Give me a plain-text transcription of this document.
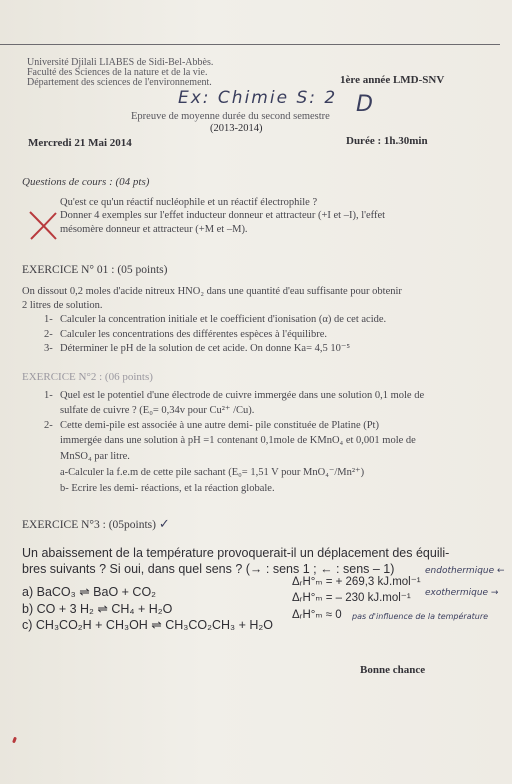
Université Djilali LIABES de Sidi-Bel-Abbès.
Faculté des Sciences de la nature et de la vie.
Département des sciences de l'environnement.	1ère année LMD-SNV
Ex: Chimie S: 2 D
Epreuve de moyenne durée du second semestre
(2013-2014)
Mercredi 21 Mai 2014	Durée : 1h.30min
Questions de cours : (04 pts)
Qu'est ce qu'un réactif nucléophile et un réactif électrophile ?
Donner 4 exemples sur l'effet inducteur donneur et attracteur (+I et –I), l'effet
mésomère donneur et attracteur (+M et –M).
EXERCICE N° 01 : (05 points)
On dissout 0,2 moles d'acide nitreux HNO₂ dans une quantité d'eau suffisante pour obtenir
2 litres de solution.
1- Calculer la concentration initiale et le coefficient d'ionisation (α) de cet acide.
2- Calculer les concentrations des différentes espèces à l'équilibre.
3- Déterminer le pH de la solution de cet acide. On donne Ka= 4,5 10⁻⁵
EXERCICE N°2 : (06 points)
1- Quel est le potentiel d'une électrode de cuivre immergée dans une solution 0,1 mole de
sulfate de cuivre ? (E₀= 0,34v pour Cu²⁺ /Cu).
2- Cette demi-pile est associée à une autre demi- pile constituée de Platine (Pt)
immergée dans une solution à pH =1 contenant 0,1mole de KMnO₄ et 0,001 mole de
MnSO₄ par litre.
a-Calculer la f.e.m de cette pile sachant (E₀= 1,51 V pour MnO₄⁻/Mn²⁺)
b- Ecrire les demi- réactions, et la réaction globale.
EXERCICE N°3 : (05points) ✓
Un abaissement de la température provoquerait-il un déplacement des équili-
bres suivants ? Si oui, dans quel sens ? (→ : sens 1 ; ← : sens – 1)
a) BaCO₃ ⇌ BaO + CO₂
ΔᵣH°ₘ = + 269,3 kJ.mol⁻¹
endothermique ←
b) CO + 3 H₂ ⇌ CH₄ + H₂O
ΔᵣH°ₘ = – 230 kJ.mol⁻¹ exothermique →
c) CH₃CO₂H + CH₃OH ⇌ CH₃CO₂CH₃ + H₂O
ΔᵣH°ₘ ≈ 0 pas d'influence de la température
Bonne chance
